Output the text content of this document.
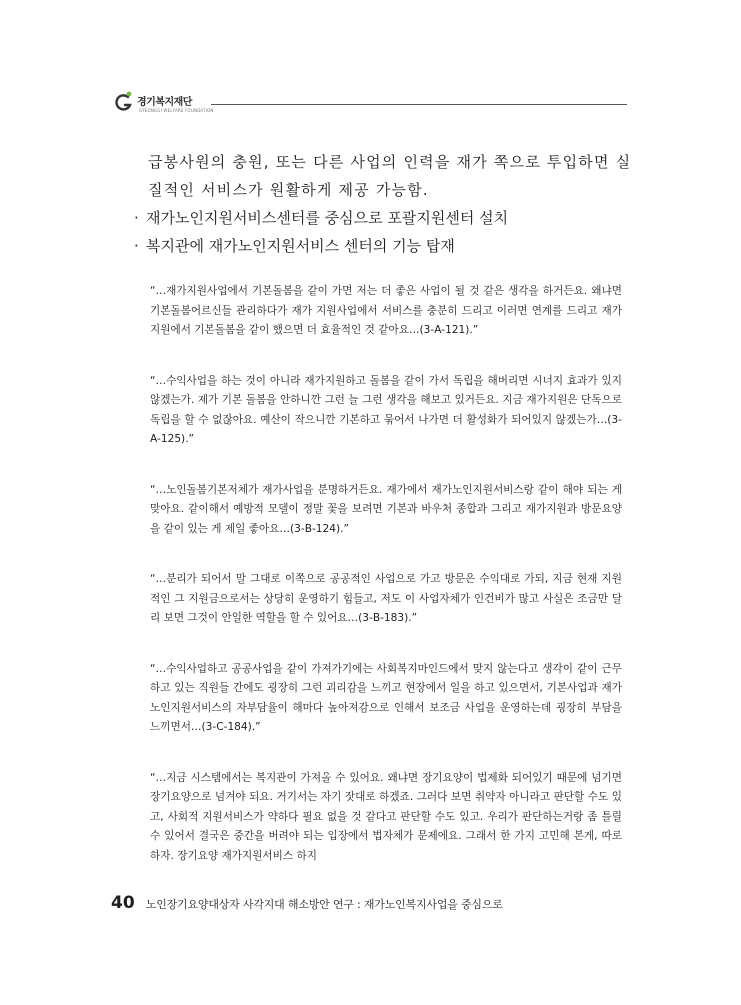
경기복지재단
GYEONGGI WELFARE FOUNDATION
급봉사원의 충원, 또는 다른 사업의 인력을 재가 쪽으로 투입하면 실
질적인 서비스가 원활하게 제공 가능함.
· 재가노인지원서비스센터를 중심으로 포괄지원센터 설치
· 복지관에 재가노인지원서비스 센터의 기능 탑재

“…재가지원사업에서 기본돌봄을 같이 가면 저는 더 좋은 사업이 될 것 같은 생각을 하거든요. 왜냐면 기본돌봄어르신들 관리하다가 재가 지원사업에서 서비스를 충분히 드리고 이러면 연계를 드리고 재가지원에서 기본돌봄을 같이 했으면 더 효율적인 것 같아요…(3-A-121).”

“…수익사업을 하는 것이 아니라 재가지원하고 돌봄을 같이 가서 독립을 해버리면 시너지 효과가 있지 않겠는가. 제가 기본 돌봄을 안하니깐 그런 늘 그런 생각을 해보고 있거든요. 지금 재가지원은 단독으로 독립을 할 수 없잖아요. 예산이 작으니깐 기본하고 묶어서 나가면 더 활성화가 되어있지 않겠는가…(3-A-125).”

“…노인돌봄기본저체가 재가사업을 분명하거든요. 재가에서 재가노인지원서비스랑 같이 해야 되는 게 맞아요. 같이해서 예방적 모델이 정말 꽃을 보려면 기본과 바우처 종합과 그리고 재가지원과 방문요양을 같이 있는 게 제일 좋아요…(3-B-124).”

“…분리가 되어서 말 그대로 이쪽으로 공공적인 사업으로 가고 방문은 수익대로 가되, 지금 현재 지원적인 그 지원금으로서는 상당히 운영하기 힘들고, 저도 이 사업자체가 인건비가 많고 사실은 조금만 달리 보면 그것이 안일한 역할을 할 수 있어요…(3-B-183).”

“…수익사업하고 공공사업을 같이 가져가기에는 사회복지마인드에서 맞지 않는다고 생각이 같이 근무하고 있는 직원들 간에도 굉장히 그런 괴리감을 느끼고 현장에서 일을 하고 있으면서, 기본사업과 재가노인지원서비스의 자부담율이 해마다 높아져감으로 인해서 보조금 사업을 운영하는데 굉장히 부담을 느끼면서…(3-C-184).”

“…지금 시스템에서는 복지관이 가져올 수 있어요. 왜냐면 장기요양이 법제화 되어있기 때문에 넘기면 장기요양으로 넘겨야 되요. 거기서는 자기 잣대로 하겠죠. 그러다 보면 취약자 아니라고 판단할 수도 있고, 사회적 지원서비스가 약하다 필요 없을 것 같다고 판단할 수도 있고. 우리가 판단하는거랑 좀 틀릴 수 있어서 결국은 중간을 버려야 되는 입장에서 법자체가 문제에요. 그래서 한 가지 고민해 본게, 따로 하자. 장기요양 재가지원서비스 하지

40 노인장기요양대상자 사각지대 해소방안 연구 : 재가노인복지사업을 중심으로
